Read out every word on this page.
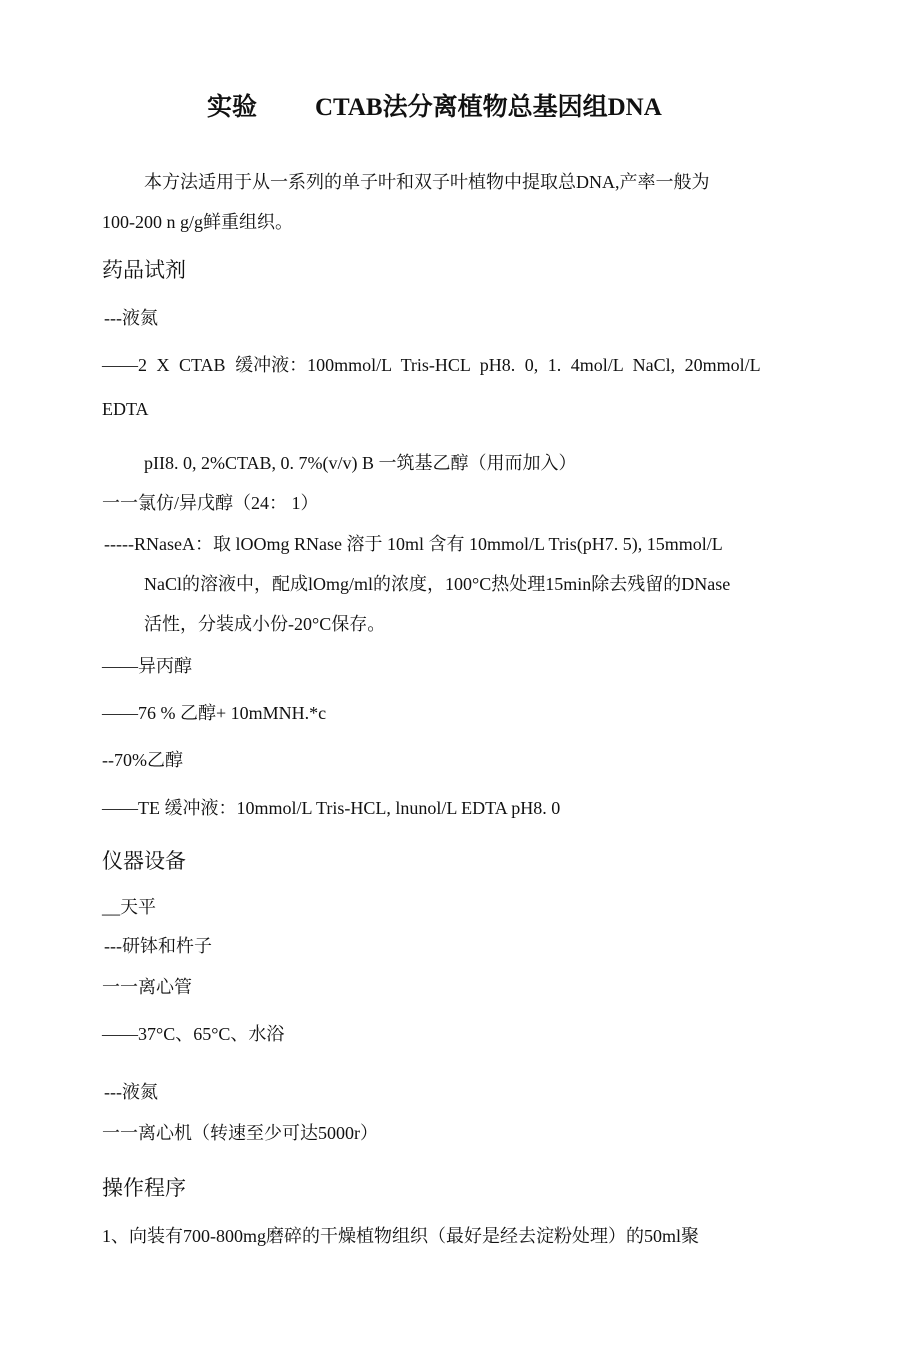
实验 CTAB法分离植物总基因组DNA
本方法适用于从一系列的单子叶和双子叶植物中提取总DNA,产率一般为
100-200 n g/g鲜重组织。
药品试剂
---液氮
——2 X CTAB 缓冲液：100mmol/L Tris-HCL pH8. 0, 1. 4mol/L NaCl, 20mmol/L
EDTA
pII8. 0, 2%CTAB, 0. 7%(v/v) B 一筑基乙醇（用而加入）
一一氯仿/异戊醇（24： 1）
-----RNaseA：取 lOOmg RNase 溶于 10ml 含有 10mmol/L Tris(pH7. 5), 15mmol/L
NaCl的溶液中，配成lOmg/ml的浓度，100°C热处理15min除去残留的DNase
活性，分装成小份-20°C保存。
——异丙醇
——76 % 乙醇+ 10mMNH.*c
--70%乙醇
——TE 缓冲液：10mmol/L Tris-HCL, lnunol/L EDTA pH8. 0
仪器设备
__天平
---研钵和杵子
一一离心管
——37°C、65°C、水浴
---液氮
一一离心机（转速至少可达5000r）
操作程序
1、向装有700-800mg磨碎的干燥植物组织（最好是经去淀粉处理）的50ml聚
